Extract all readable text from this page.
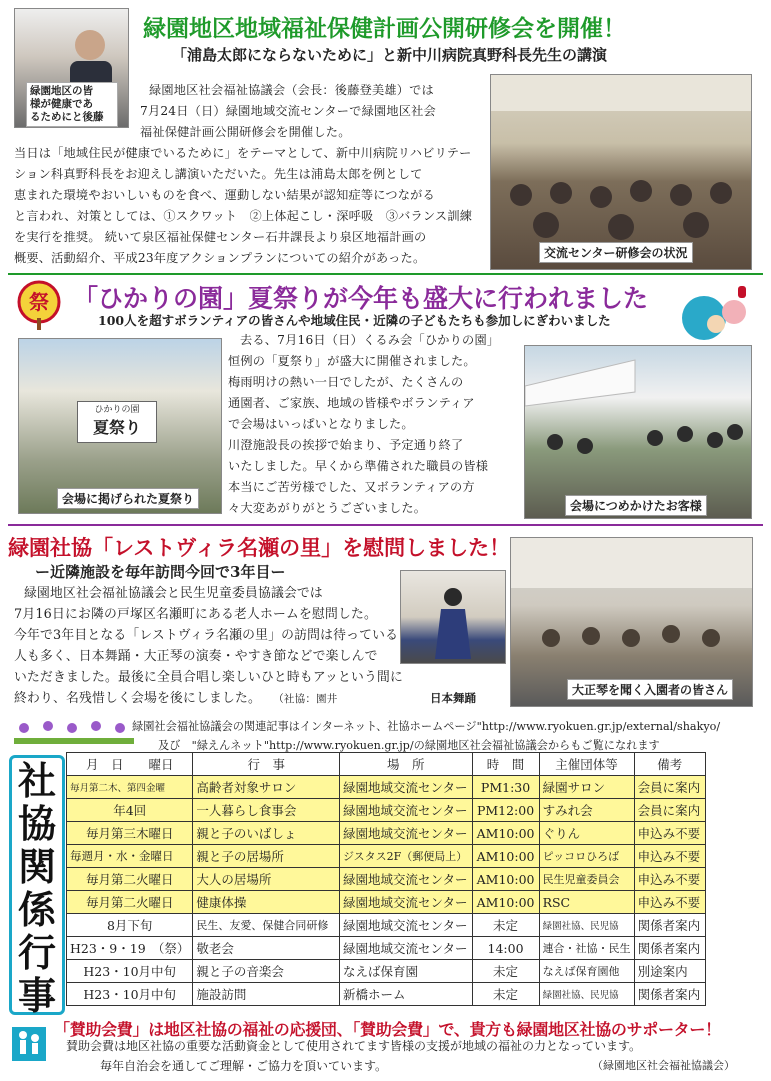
緑園地区の皆
様が健康であ
るためにと後藤
緑園地区地域福祉保健計画公開研修会を開催！
「浦島太郎にならないために」と新中川病院真野科長先生の講演
緑園地区社会福祉協議会（会長：後藤登美雄）では
7月24日（日）緑園地域交流センターで緑園地区社会
福祉保健計画公開研修会を開催した。
当日は「地域住民が健康でいるために」をテーマとして、新中川病院リハビリテー
ション科真野科長をお迎えし講演いただいた。先生は浦島太郎を例として
恵まれた環境やおいしいものを食べ、運動しない結果が認知症等につながる
と言われ、対策としては、①スクワット　②上体起こし・深呼吸　③バランス訓練
を実行を推奨。 続いて泉区福祉保健センター石井課長より泉区地福計画の
概要、活動紹介、平成23年度アクションプランについての紹介があった。	交流センター研修会の状況
祭 「ひかりの園」夏祭りが今年も盛大に行われました
100人を超すボランティアの皆さんや地域住民・近隣の子どもたちも参加しにぎわいました
ひかりの園
夏祭り
会場に掲げられた夏祭り
去る、7月16日（日）くるみ会「ひかりの園」
恒例の「夏祭り」が盛大に開催されました。
梅雨明けの熱い一日でしたが、たくさんの
通園者、ご家族、地域の皆様やボランティア
で会場はいっぱいとなりました。
川澄施設長の挨拶で始まり、予定通り終了
いたしました。早くから準備された職員の皆様
本当にご苦労様でした、又ボランティアの方
々大変あがりがとうございました。	会場につめかけたお客様
緑園社協「レストヴィラ名瀬の里」を慰問しました！
ー近隣施設を毎年訪問今回で3年目ー
緑園地区社会福祉協議会と民生児童委員協議会では
7月16日にお隣の戸塚区名瀬町にある老人ホームを慰問した。
今年で3年目となる「レストヴィラ名瀬の里」の訪問は待っている
人も多く、日本舞踊・大正琴の演奏・やすき節などで楽しんで
いただきました。最後に全員合唱し楽しいひと時もアッという間に
終わり、名残惜しく会場を後にしました。 （社協：園井	日本舞踊
大正琴を聞く入園者の皆さん
緑園社会福祉協議会の関連記事はインターネット、社協ホームページ"http://www.ryokuen.gr.jp/external/shakyo/
及び　"緑えんネット"http://www.ryokuen.gr.jp/の緑園地区社会福祉協議会からもご覧になれます
社
協
関
係
行
事
月　日　　曜日	行　事	場　所	時　間	主催団体等	備考
毎月第二木、第四金曜	高齢者対象サロン	緑園地域交流センター	PM1:30	緑園サロン	会員に案内
年4回	一人暮らし食事会	緑園地域交流センター	PM12:00	すみれ会	会員に案内
毎月第三木曜日	親と子のいばしょ	緑園地域交流センター	AM10:00	ぐりん	申込み不要
毎週月・水・金曜日	親と子の居場所	ジスタス2F（郵便局上）	AM10:00	ピッコロひろば	申込み不要
毎月第二火曜日	大人の居場所	緑園地域交流センター	AM10:00	民生児童委員会	申込み不要
毎月第二火曜日	健康体操	緑園地域交流センター	AM10:00	RSC	申込み不要
8月下旬	民生、友愛、保健合同研修	緑園地域交流センター	未定	緑園社協、民児協	関係者案内
H23・9・19　（祭）	敬老会	緑園地域交流センター	14:00	連合・社協・民生	関係者案内
H23・10月中旬	親と子の音楽会	なえば保育園	未定	なえば保育園他	別途案内
H23・10月中旬	施設訪問	新橋ホーム	未定	緑園社協、民児協	関係者案内
「賛助会費」は地区社協の福祉の応援団、「賛助会費」で、貴方も緑園地区社協のサポーター！
賛助会費は地区社協の重要な活動資金として使用されてます皆様の支援が地域の福祉の力となっています。
毎年自治会を通してご理解・ご協力を頂いています。	（緑園地区社会福祉協議会）
